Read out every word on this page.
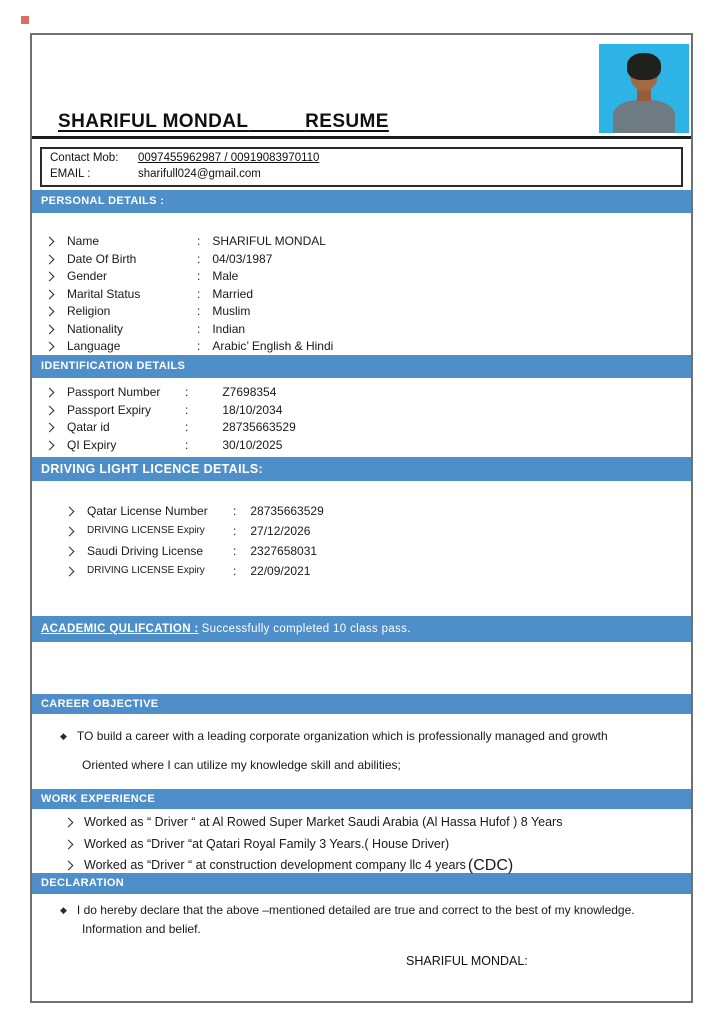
SHARIFUL MONDAL	RESUME
Contact Mob: 0097455962987 / 00919083970110
EMAIL :	sharifull024@gmail.com
PERSONAL DETAILS :
Name	:	SHARIFUL MONDAL
Date Of Birth	:	04/03/1987
Gender	:	Male
Marital Status	:	Married
Religion	:	Muslim
Nationality	:	Indian
Language	:	Arabic’ English & Hindi
IDENTIFICATION DETAILS
Passport Number	:	Z7698354
Passport Expiry	:	18/10/2034
Qatar id	:	28735663529
QI Expiry	:	30/10/2025
DRIVING LIGHT LICENCE DETAILS:
Qatar License Number	:	28735663529
DRIVING LICENSE Expiry	:	27/12/2026
Saudi Driving License	:	2327658031
DRIVING LICENSE Expiry	:	22/09/2021
ACADEMIC QULIFCATION : Successfully completed 10 class pass.
CAREER OBJECTIVE
◆ TO build a career with a leading corporate organization which is professionally managed and growth
Oriented where I can utilize my knowledge skill and abilities;
WORK EXPERIENCE
Worked as “ Driver “ at Al Rowed Super Market Saudi Arabia (Al Hassa Hufof ) 8 Years
Worked as “Driver “at Qatari Royal Family 3 Years.( House Driver)
Worked as “Driver “ at construction development company llc 4 years (CDC)
DECLARATION
◆ I do hereby declare that the above –mentioned detailed are true and correct to the best of my knowledge.
Information and belief.
SHARIFUL MONDAL:
